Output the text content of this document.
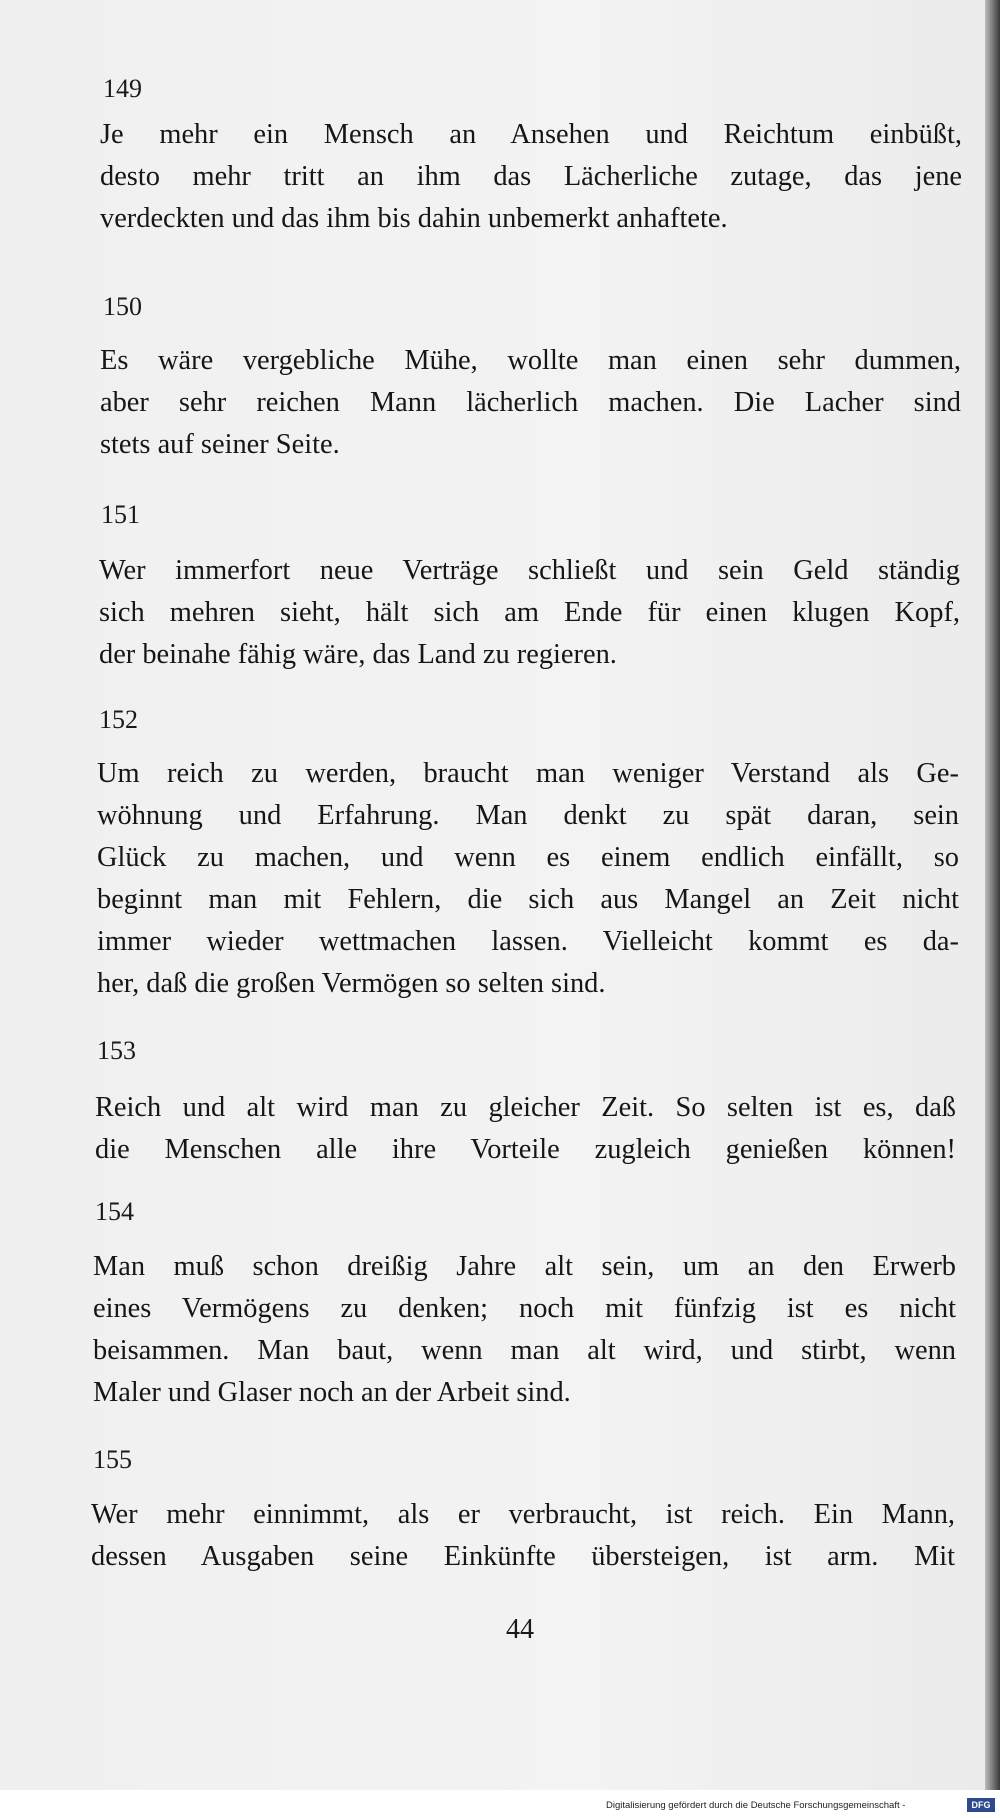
149
Je mehr ein Mensch an Ansehen und Reichtum einbüßt,
desto mehr tritt an ihm das Lächerliche zutage, das jene
verdeckten und das ihm bis dahin unbemerkt anhaftete.
150
Es wäre vergebliche Mühe, wollte man einen sehr dummen,
aber sehr reichen Mann lächerlich machen. Die Lacher sind
stets auf seiner Seite.
151
Wer immerfort neue Verträge schließt und sein Geld ständig
sich mehren sieht, hält sich am Ende für einen klugen Kopf,
der beinahe fähig wäre, das Land zu regieren.
152
Um reich zu werden, braucht man weniger Verstand als Ge-
wöhnung und Erfahrung. Man denkt zu spät daran, sein
Glück zu machen, und wenn es einem endlich einfällt, so
beginnt man mit Fehlern, die sich aus Mangel an Zeit nicht
immer wieder wettmachen lassen. Vielleicht kommt es da-
her, daß die großen Vermögen so selten sind.
153
Reich und alt wird man zu gleicher Zeit. So selten ist es, daß
die Menschen alle ihre Vorteile zugleich genießen können!
154
Man muß schon dreißig Jahre alt sein, um an den Erwerb
eines Vermögens zu denken; noch mit fünfzig ist es nicht
beisammen. Man baut, wenn man alt wird, und stirbt, wenn
Maler und Glaser noch an der Arbeit sind.
155
Wer mehr einnimmt, als er verbraucht, ist reich. Ein Mann,
dessen Ausgaben seine Einkünfte übersteigen, ist arm. Mit
44
Digitalisierung gefördert durch die Deutsche Forschungsgemeinschaft -	DFG
